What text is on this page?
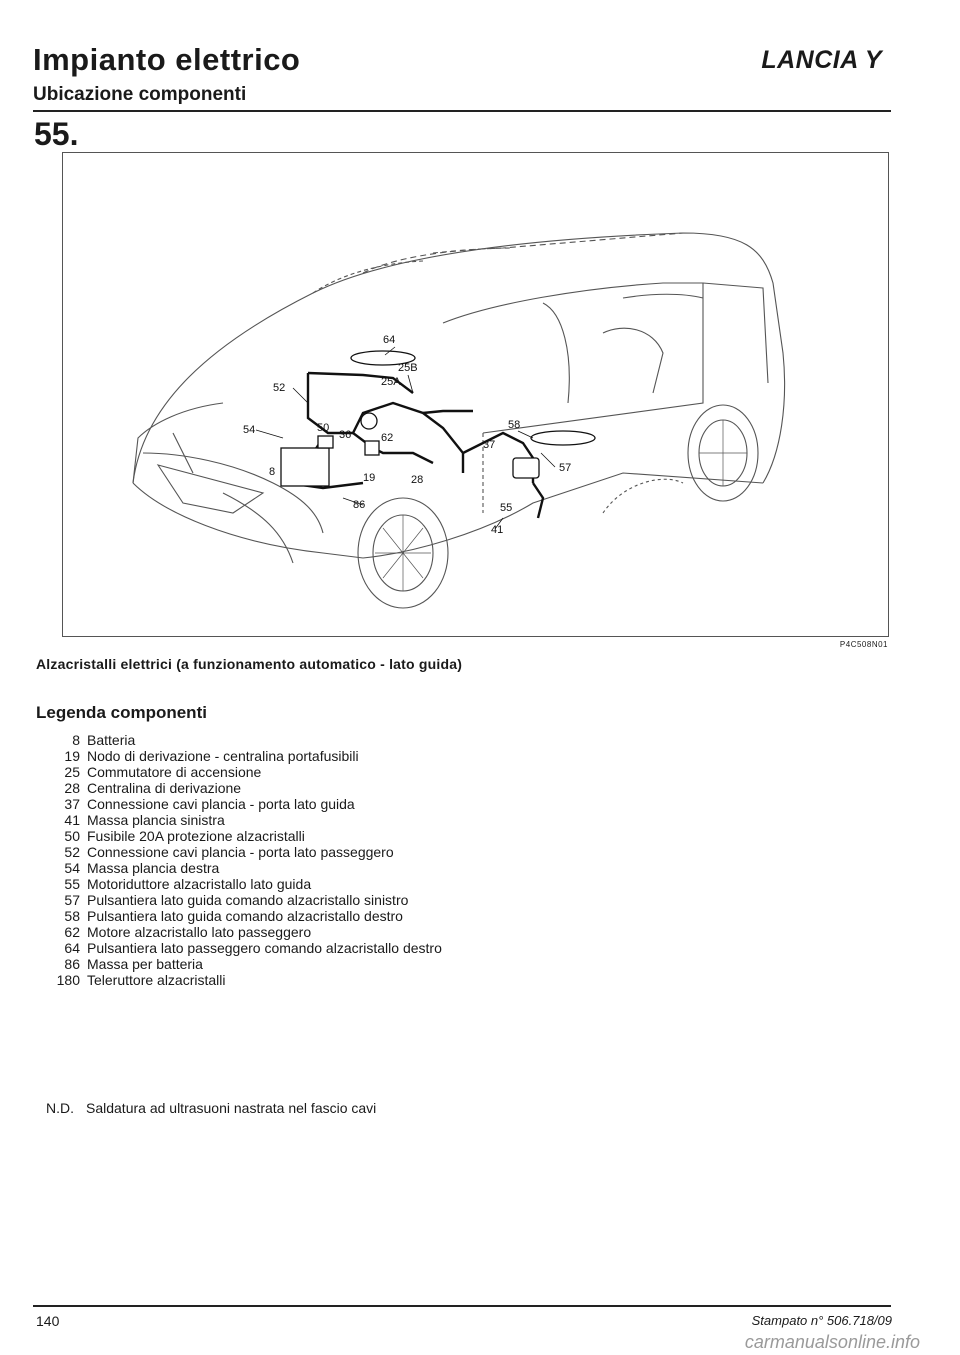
Impianto elettrico
Ubicazione componenti
LANCIA Y
55.
64
25B
25A
52
54	50
36	62
58
37
57
8	19	28
86	55
41
P4C508N01
Alzacristalli elettrici (a funzionamento automatico - lato guida)
Legenda componenti
8 Batteria
19 Nodo di derivazione - centralina portafusibili
25 Commutatore di accensione
28 Centralina di derivazione
37 Connessione cavi plancia - porta lato guida
41 Massa plancia sinistra
50 Fusibile 20A protezione alzacristalli
52 Connessione cavi plancia - porta lato passeggero
54 Massa plancia destra
55 Motoriduttore alzacristallo lato guida
57 Pulsantiera lato guida comando alzacristallo sinistro
58 Pulsantiera lato guida comando alzacristallo destro
62 Motore alzacristallo lato passeggero
64 Pulsantiera lato passeggero comando alzacristallo destro
86 Massa per batteria
180 Teleruttore alzacristalli
N.D. Saldatura ad ultrasuoni nastrata nel fascio cavi
140	Stampato n° 506.718/09
carmanualsonline.info
